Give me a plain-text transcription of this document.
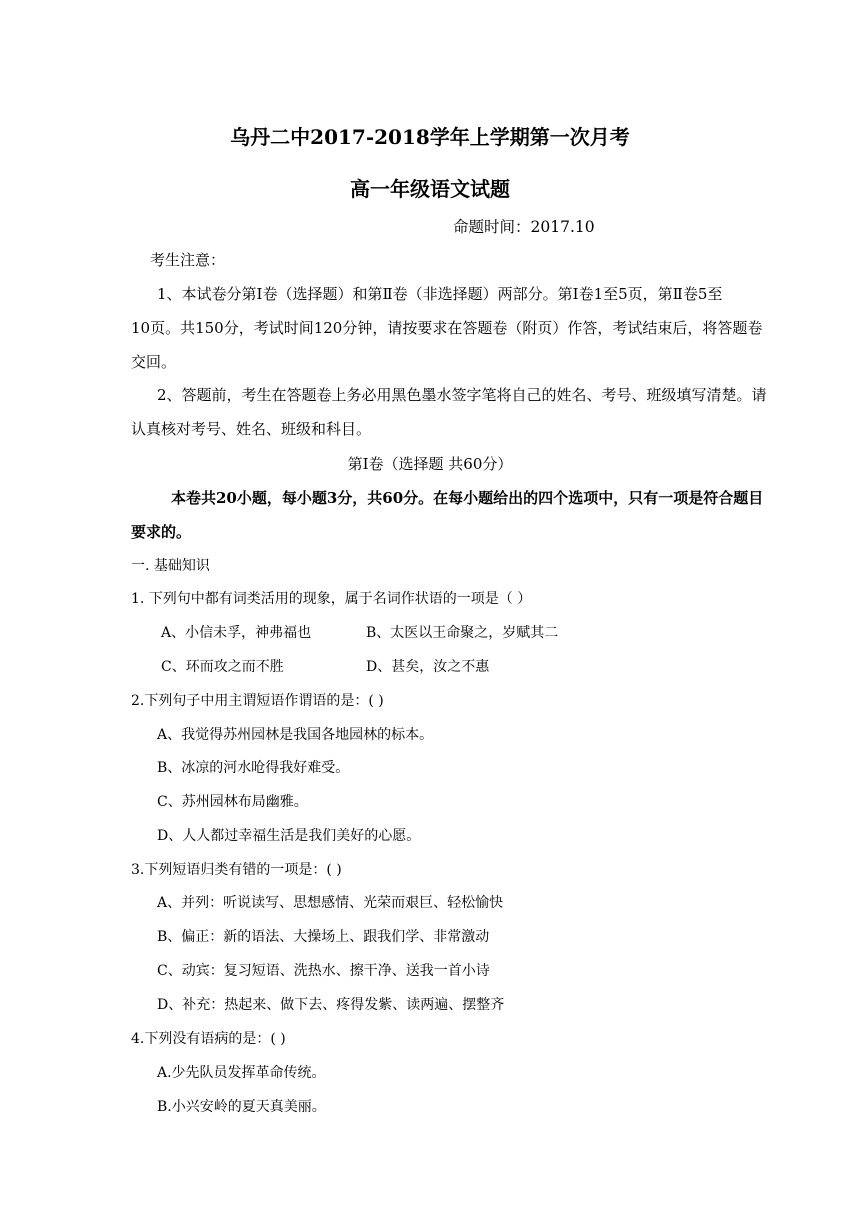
乌丹二中2017-2018学年上学期第一次月考
高一年级语文试题
命题时间：2017.10
考生注意：
1、本试卷分第Ⅰ卷（选择题）和第Ⅱ卷（非选择题）两部分。第Ⅰ卷1至5页，第Ⅱ卷5至
10页。共150分，考试时间120分钟，请按要求在答题卷（附页）作答，考试结束后，将答题卷
交回。
2、答题前，考生在答题卷上务必用黑色墨水签字笔将自己的姓名、考号、班级填写清楚。请
认真核对考号、姓名、班级和科目。
第Ⅰ卷（选择题 共60分）
本卷共20小题，每小题3分，共60分。在每小题给出的四个选项中，只有一项是符合题目
要求的。
一. 基础知识
1. 下列句中都有词类活用的现象，属于名词作状语的一项是（ ）
A、小信未孚，神弗福也	B、太医以王命聚之，岁赋其二
C、环而攻之而不胜	D、甚矣，汝之不惠
2.下列句子中用主谓短语作谓语的是：( )
A、我觉得苏州园林是我国各地园林的标本。
B、冰凉的河水呛得我好难受。
C、苏州园林布局幽雅。
D、人人都过幸福生活是我们美好的心愿。
3.下列短语归类有错的一项是：( )
A、并列：听说读写、思想感情、光荣而艰巨、轻松愉快
B、偏正：新的语法、大操场上、跟我们学、非常激动
C、动宾：复习短语、洗热水、擦干净、送我一首小诗
D、补充：热起来、做下去、疼得发紫、读两遍、摆整齐
4.下列没有语病的是：( )
A.少先队员发挥革命传统。
B.小兴安岭的夏天真美丽。
